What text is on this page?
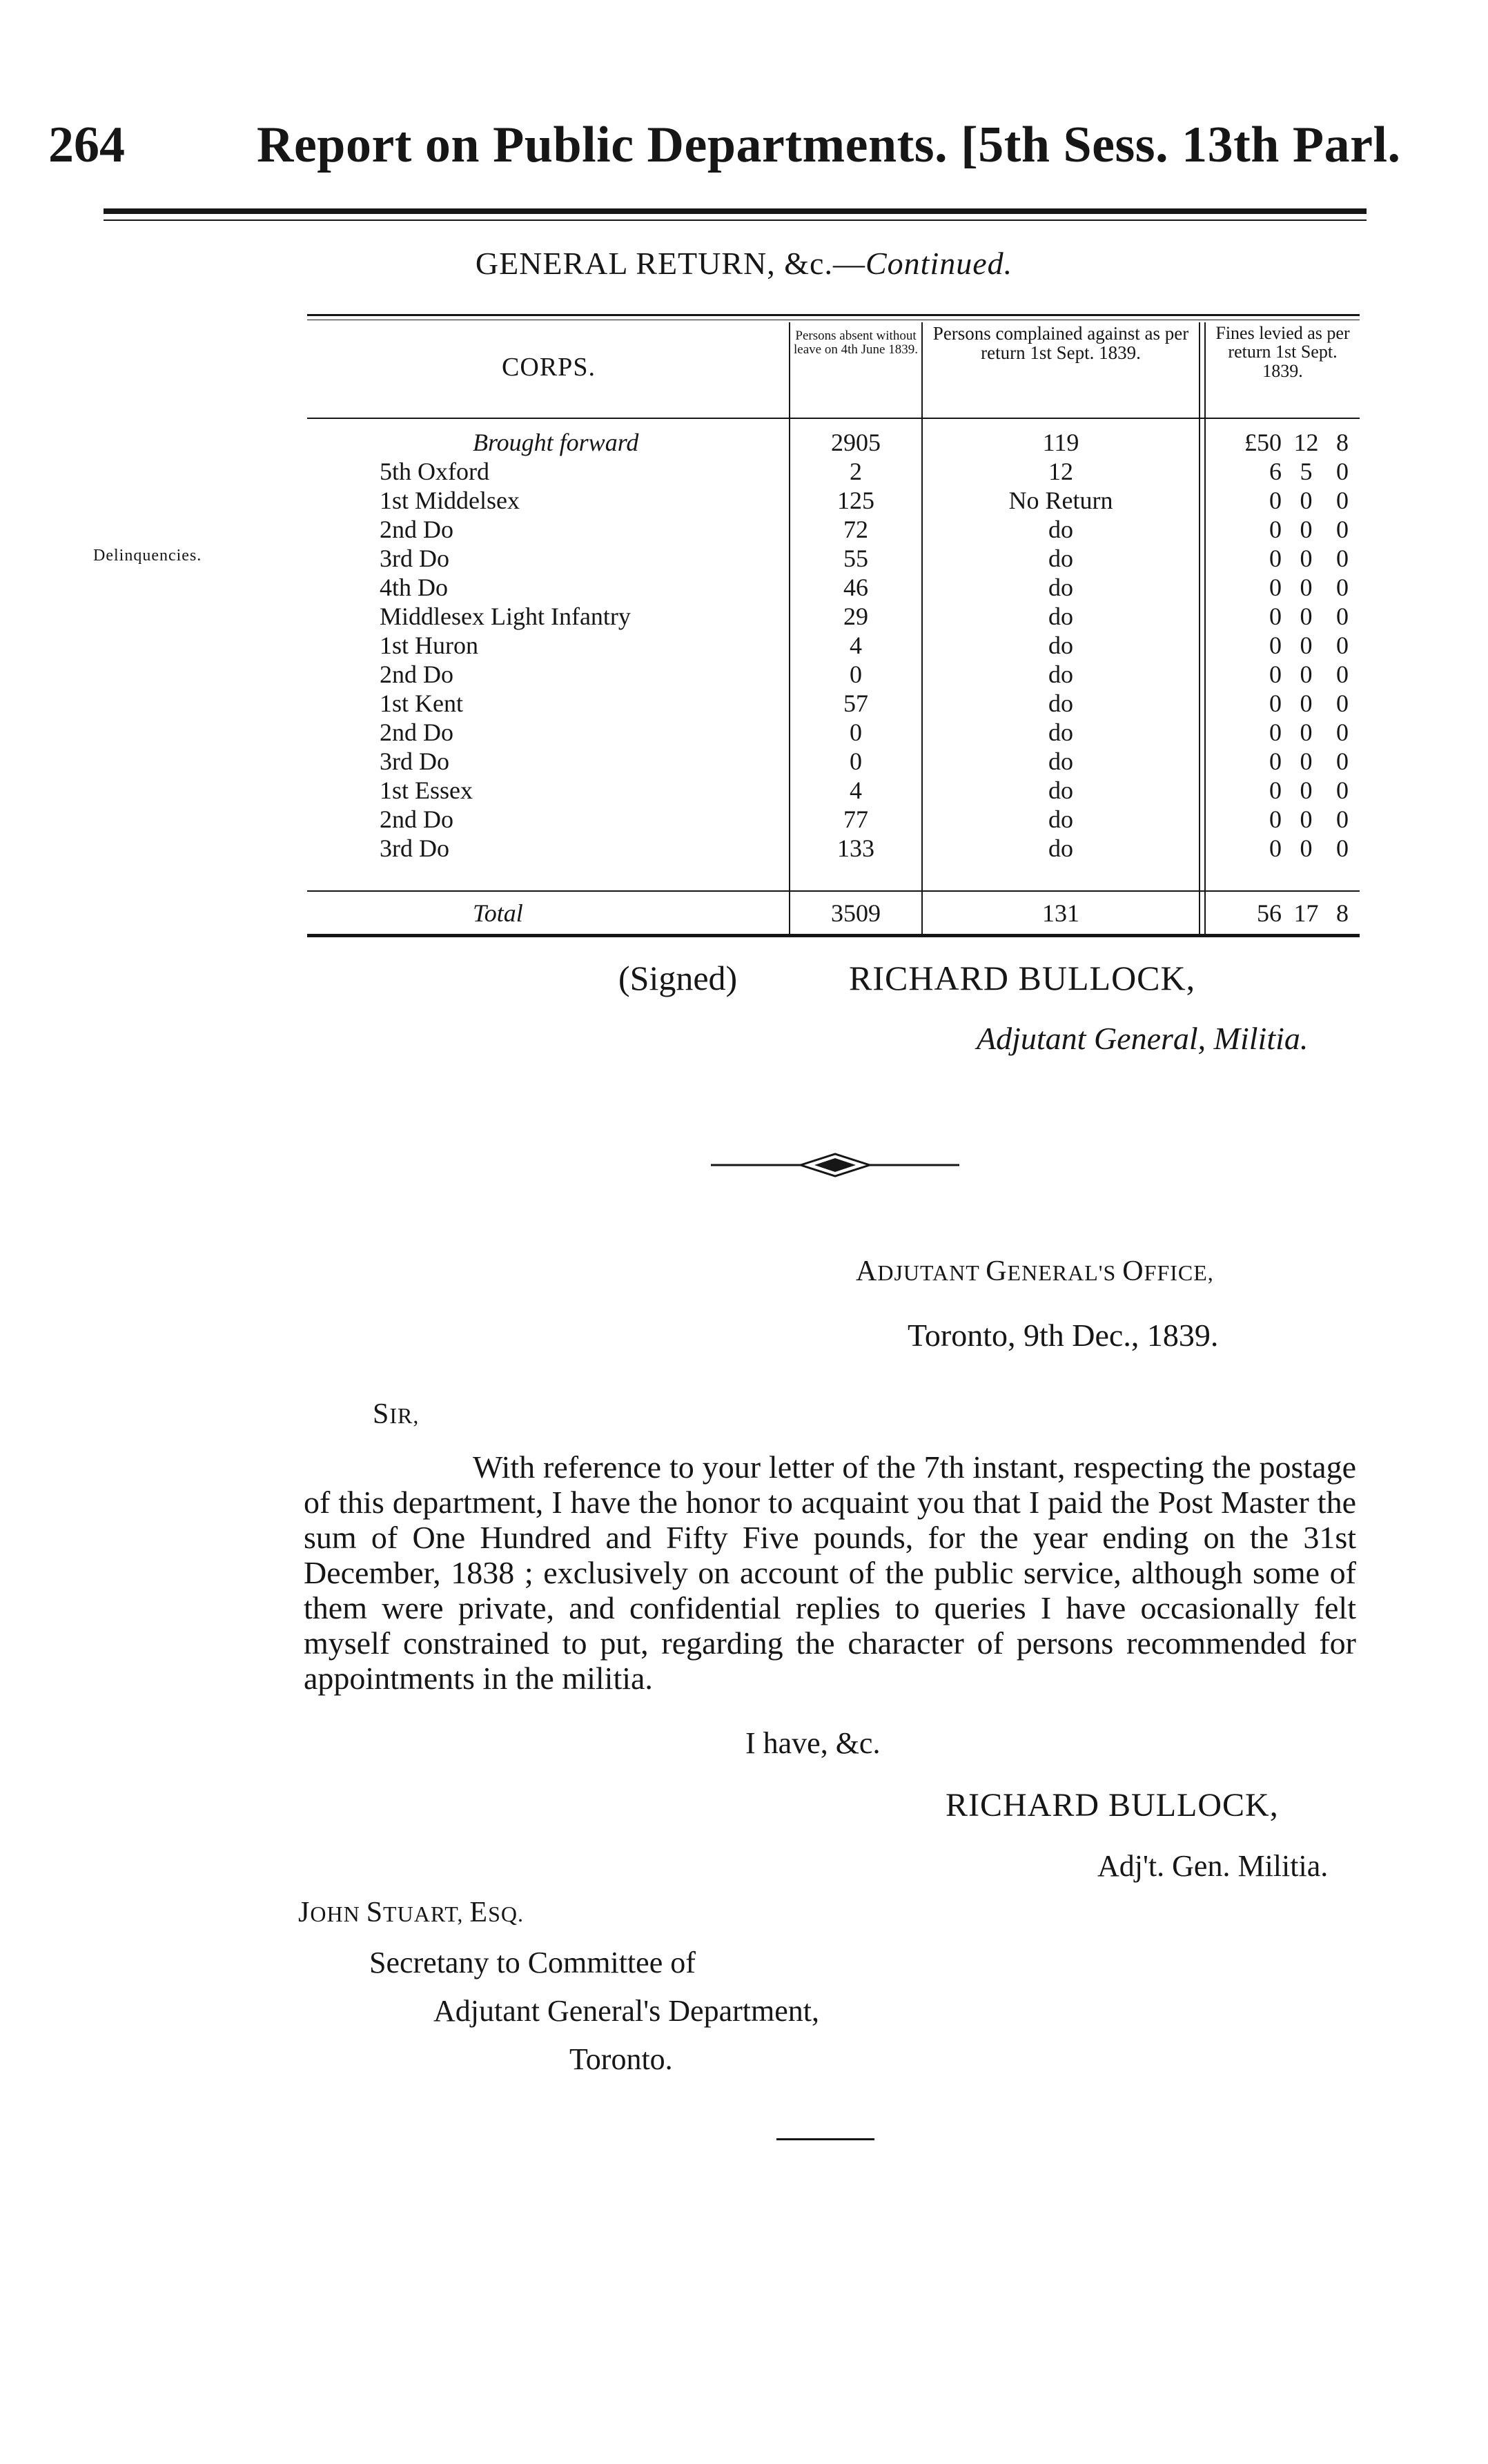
264	Report on Public Departments. [5th Sess. 13th Parl.
GENERAL RETURN, &c.—Continued.
Delinquencies.
CORPS.
Persons absent without leave on 4th June 1839.
Persons complained against as per return 1st Sept. 1839.
Fines levied as per return 1st Sept. 1839.
Brought forward	2905	119	£50 12 8
5th Oxford	2	12	6 5 0
1st Middelsex	125	No Return	0 0 0
2nd Do	72	do	0 0 0
3rd Do	55	do	0 0 0
4th Do	46	do	0 0 0
Middlesex Light Infantry	29	do	0 0 0
1st Huron	4	do	0 0 0
2nd Do	0	do	0 0 0
1st Kent	57	do	0 0 0
2nd Do	0	do	0 0 0
3rd Do	0	do	0 0 0
1st Essex	4	do	0 0 0
2nd Do	77	do	0 0 0
3rd Do	133	do	0 0 0
Total	3509	131	56 17 8
(Signed)	RICHARD BULLOCK,
Adjutant General, Militia.
ADJUTANT GENERAL'S OFFICE,
Toronto, 9th Dec., 1839.
SIR,
With reference to your letter of the 7th instant, respecting the postage of this department, I have the honor to acquaint you that I paid the Post Master the sum of One Hundred and Fifty Five pounds, for the year ending on the 31st December, 1838 ; exclusively on account of the public service, although some of them were private, and confidential replies to queries I have occasionally felt myself constrained to put, regarding the character of persons recommended for appointments in the militia.
I have, &c.
RICHARD BULLOCK,
Adj't. Gen. Militia.
JOHN STUART, ESQ.
Secretany to Committee of
Adjutant General's Department,
Toronto.
